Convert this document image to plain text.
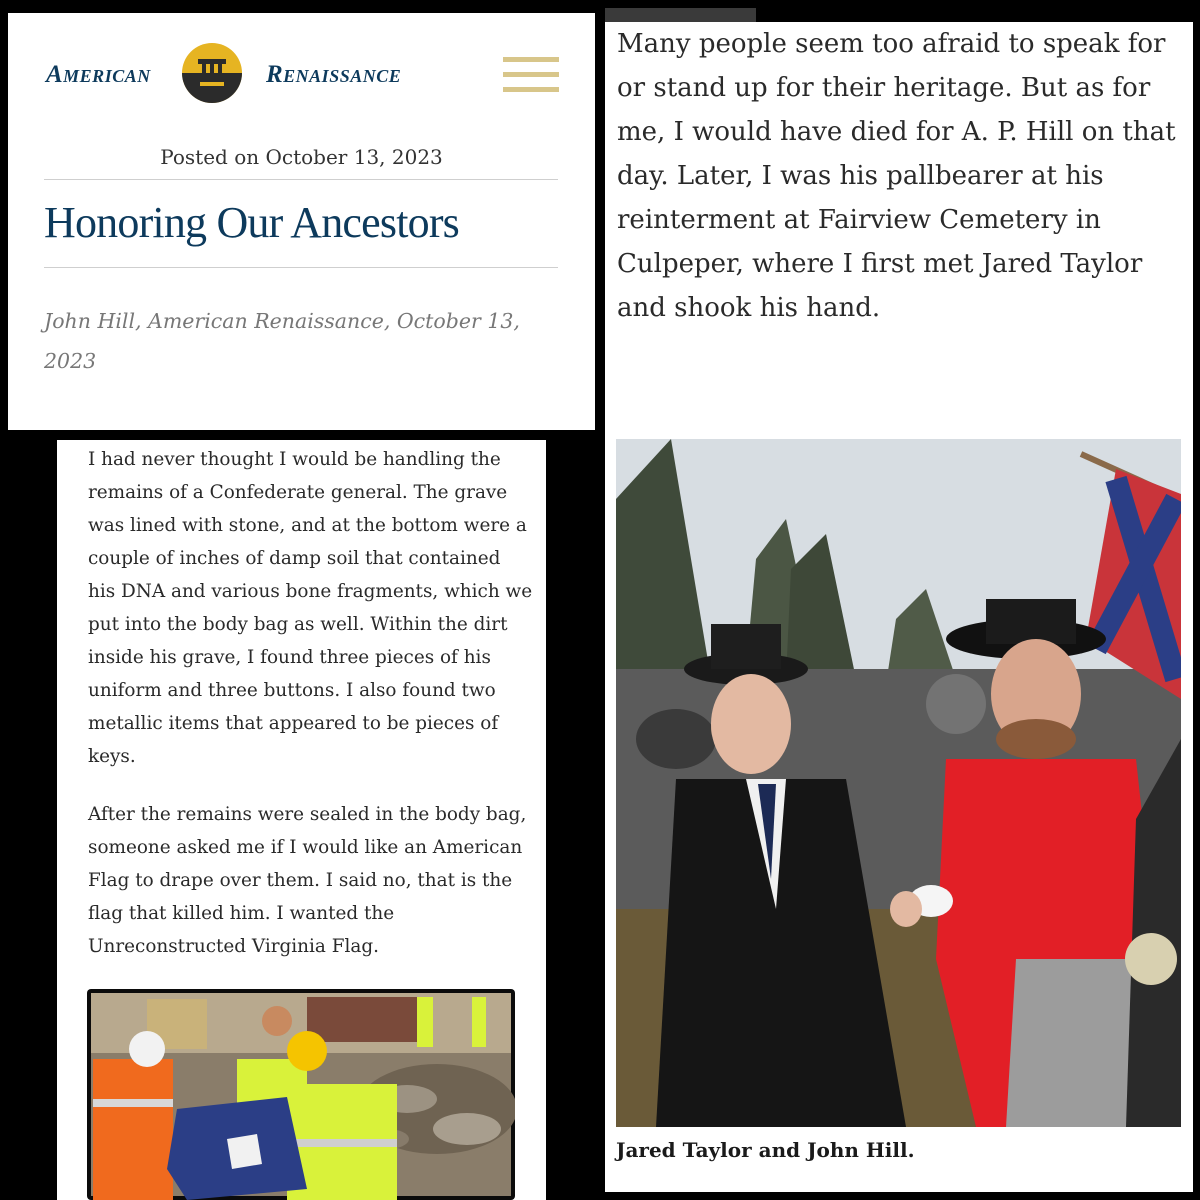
American	Renaissance
Posted on October 13, 2023
Honoring Our Ancestors
John Hill, American Renaissance, October 13, 2023

I had never thought I would be handling the remains of a Confederate general. The grave was lined with stone, and at the bottom were a couple of inches of damp soil that contained his DNA and various bone fragments, which we put into the body bag as well. Within the dirt inside his grave, I found three pieces of his uniform and three buttons. I also found two metallic items that appeared to be pieces of keys.

After the remains were sealed in the body bag, someone asked me if I would like an American Flag to drape over them. I said no, that is the flag that killed him. I wanted the Unreconstructed Virginia Flag.

Many people seem too afraid to speak for or stand up for their heritage. But as for me, I would have died for A. P. Hill on that day. Later, I was his pallbearer at his reinterment at Fairview Cemetery in Culpeper, where I first met Jared Taylor and shook his hand.

Jared Taylor and John Hill.
